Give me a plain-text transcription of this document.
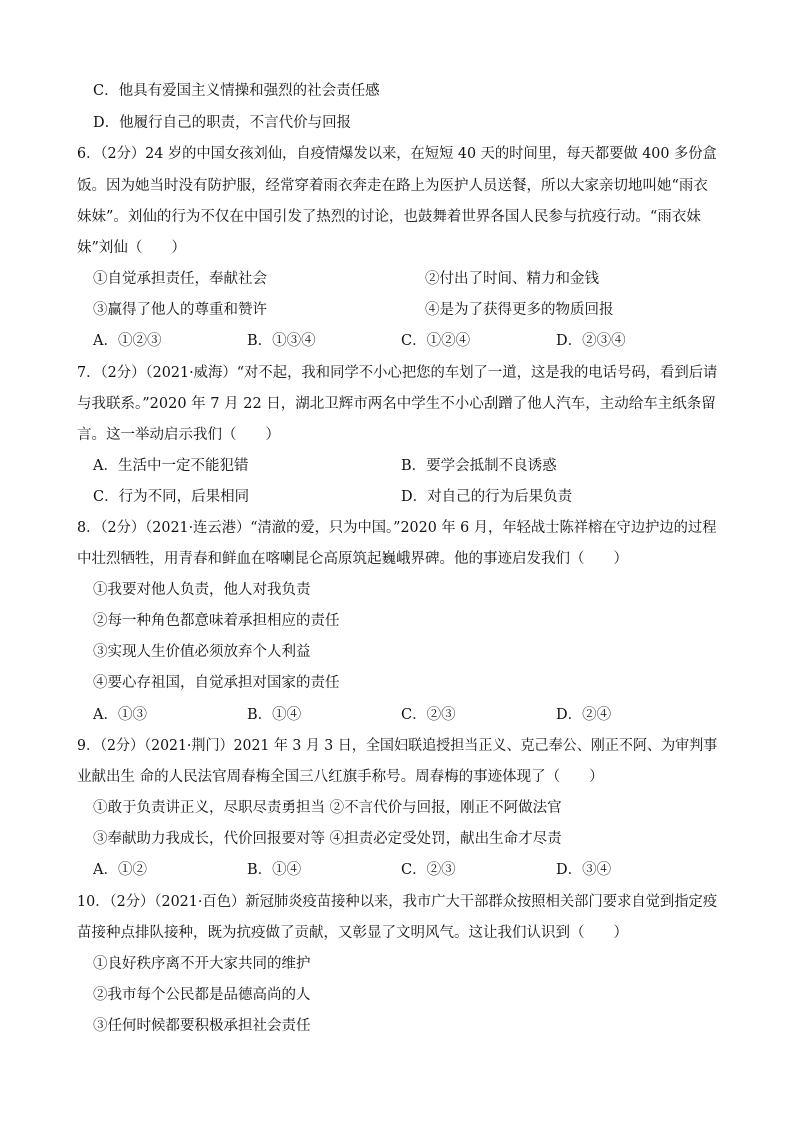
C．他具有爱国主义情操和强烈的社会责任感
D．他履行自己的职责，不言代价与回报
6．（2分）24 岁的中国女孩刘仙，自疫情爆发以来，在短短 40 天的时间里，每天都要做 400 多份盒
饭。因为她当时没有防护服，经常穿着雨衣奔走在路上为医护人员送餐，所以大家亲切地叫她“雨衣
妹妹”。刘仙的行为不仅在中国引发了热烈的讨论，也鼓舞着世界各国人民参与抗疫行动。“雨衣妹
妹”刘仙（　　）
①自觉承担责任，奉献社会	②付出了时间、精力和金钱
③赢得了他人的尊重和赞许	④是为了获得更多的物质回报
A．①②③	B．①③④	C．①②④	D．②③④
7．（2分）（2021·威海）“对不起，我和同学不小心把您的车划了一道，这是我的电话号码，看到后请
与我联系。”2020 年 7 月 22 日，湖北卫辉市两名中学生不小心刮蹭了他人汽车，主动给车主纸条留
言。这一举动启示我们（　　）
A．生活中一定不能犯错	B．要学会抵制不良诱惑
C．行为不同，后果相同	D．对自己的行为后果负责
8．（2分）（2021·连云港）“清澈的爱，只为中国。”2020 年 6 月，年轻战士陈祥榕在守边护边的过程
中壮烈牺牲，用青春和鲜血在喀喇昆仑高原筑起巍峨界碑。他的事迹启发我们（　　）
①我要对他人负责，他人对我负责
②每一种角色都意味着承担相应的责任
③实现人生价值必须放弃个人利益
④要心存祖国，自觉承担对国家的责任
A．①③	B．①④	C．②③	D．②④
9．（2分）（2021·荆门）2021 年 3 月 3 日，全国妇联追授担当正义、克己奉公、刚正不阿、为审判事
业献出生 命的人民法官周春梅全国三八红旗手称号。周春梅的事迹体现了（　　）
①敢于负责讲正义，尽职尽责勇担当 ②不言代价与回报，刚正不阿做法官
③奉献助力我成长，代价回报要对等 ④担责必定受处罚，献出生命才尽责
A．①②	B．①④	C．②③	D．③④
10．（2分）（2021·百色）新冠肺炎疫苗接种以来，我市广大干部群众按照相关部门要求自觉到指定疫
苗接种点排队接种，既为抗疫做了贡献，又彰显了文明风气。这让我们认识到（　　）
①良好秩序离不开大家共同的维护
②我市每个公民都是品德高尚的人
③任何时候都要积极承担社会责任
